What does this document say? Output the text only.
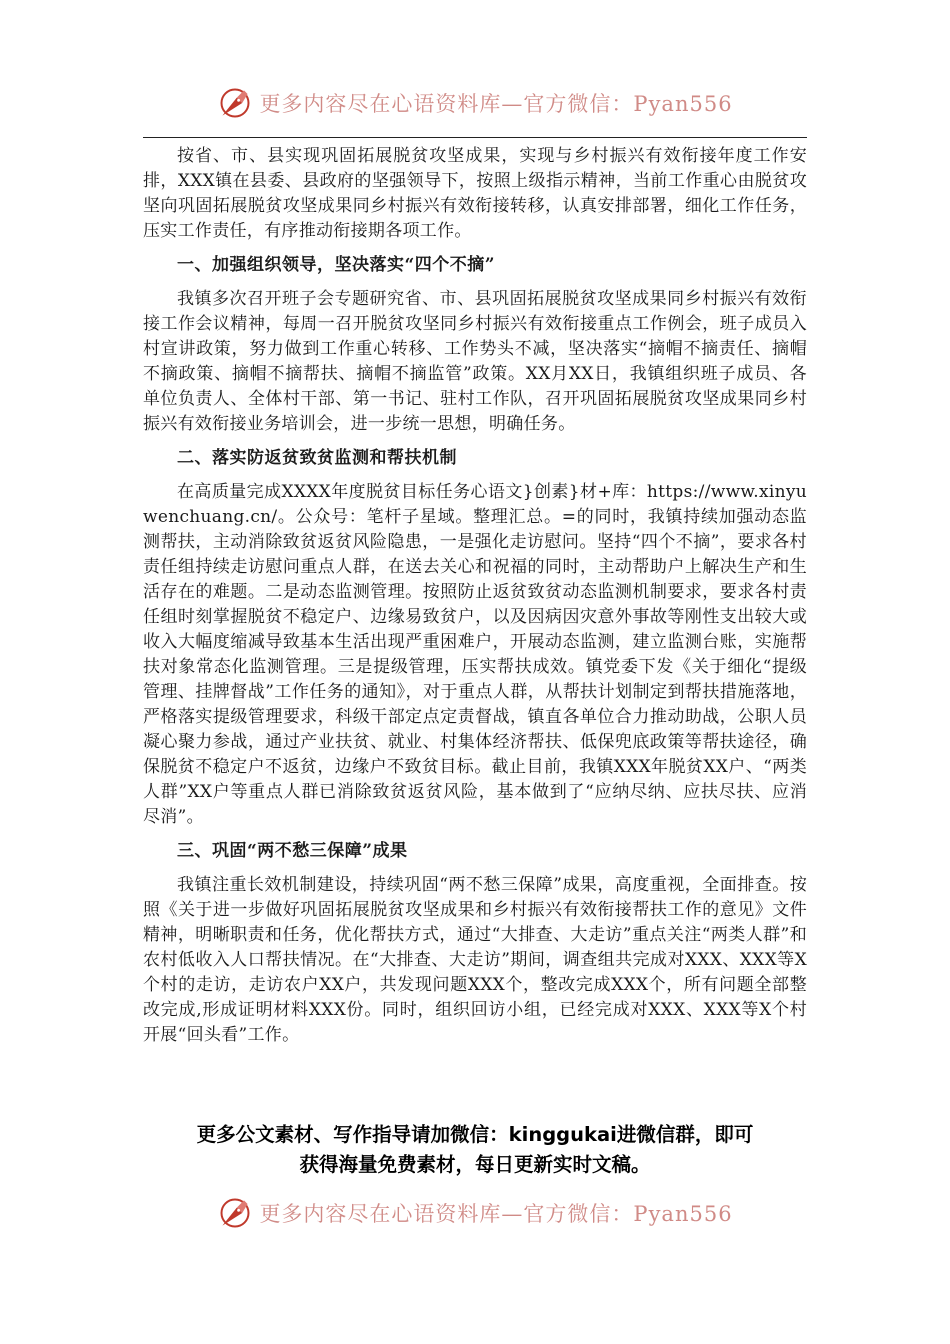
更多内容尽在心语资料库—官方微信：Pyan556

按省、市、县实现巩固拓展脱贫攻坚成果，实现与乡村振兴有效衔接年度工作安排，XXX镇在县委、县政府的坚强领导下，按照上级指示精神，当前工作重心由脱贫攻坚向巩固拓展脱贫攻坚成果同乡村振兴有效衔接转移，认真安排部署，细化工作任务，压实工作责任，有序推动衔接期各项工作。

一、加强组织领导，坚决落实“四个不摘”

我镇多次召开班子会专题研究省、市、县巩固拓展脱贫攻坚成果同乡村振兴有效衔接工作会议精神，每周一召开脱贫攻坚同乡村振兴有效衔接重点工作例会，班子成员入村宣讲政策，努力做到工作重心转移、工作势头不减，坚决落实“摘帽不摘责任、摘帽不摘政策、摘帽不摘帮扶、摘帽不摘监管”政策。XX月XX日，我镇组织班子成员、各单位负责人、全体村干部、第一书记、驻村工作队，召开巩固拓展脱贫攻坚成果同乡村振兴有效衔接业务培训会，进一步统一思想，明确任务。

二、落实防返贫致贫监测和帮扶机制

在高质量完成XXXX年度脱贫目标任务心语文}创素}材+库：https://www.xinyuwenchuang.cn/。公众号：笔杆子星域。整理汇总。=的同时，我镇持续加强动态监测帮扶，主动消除致贫返贫风险隐患，一是强化走访慰问。坚持“四个不摘”，要求各村责任组持续走访慰问重点人群，在送去关心和祝福的同时，主动帮助户上解决生产和生活存在的难题。二是动态监测管理。按照防止返贫致贫动态监测机制要求，要求各村责任组时刻掌握脱贫不稳定户、边缘易致贫户，以及因病因灾意外事故等刚性支出较大或收入大幅度缩减导致基本生活出现严重困难户，开展动态监测，建立监测台账，实施帮扶对象常态化监测管理。三是提级管理，压实帮扶成效。镇党委下发《关于细化“提级管理、挂牌督战”工作任务的通知》，对于重点人群，从帮扶计划制定到帮扶措施落地，严格落实提级管理要求，科级干部定点定责督战，镇直各单位合力推动助战，公职人员凝心聚力参战，通过产业扶贫、就业、村集体经济帮扶、低保兜底政策等帮扶途径，确保脱贫不稳定户不返贫，边缘户不致贫目标。截止目前，我镇XXX年脱贫XX户、“两类人群”XX户等重点人群已消除致贫返贫风险，基本做到了“应纳尽纳、应扶尽扶、应消尽消”。

三、巩固“两不愁三保障”成果

我镇注重长效机制建设，持续巩固“两不愁三保障”成果，高度重视，全面排查。按照《关于进一步做好巩固拓展脱贫攻坚成果和乡村振兴有效衔接帮扶工作的意见》文件精神，明晰职责和任务，优化帮扶方式，通过“大排查、大走访”重点关注“两类人群”和农村低收入人口帮扶情况。在“大排查、大走访”期间，调查组共完成对XXX、XXX等X个村的走访，走访农户XX户，共发现问题XXX个，整改完成XXX个，所有问题全部整改完成,形成证明材料XXX份。同时，组织回访小组，已经完成对XXX、XXX等X个村开展“回头看”工作。

更多公文素材、写作指导请加微信：kinggukai进微信群，即可
获得海量免费素材，每日更新实时文稿。
更多内容尽在心语资料库—官方微信：Pyan556
